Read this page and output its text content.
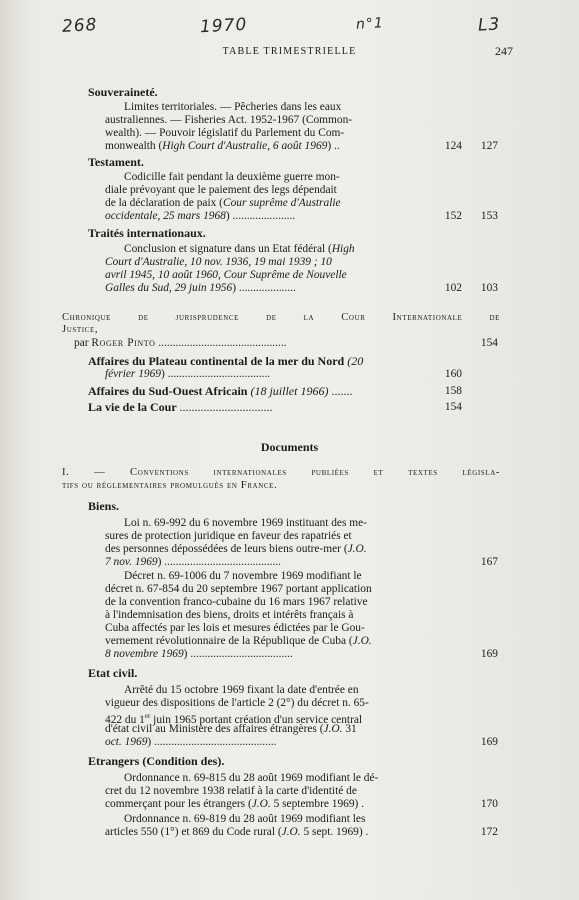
268	1970	n°1	L3
TABLE TRIMESTRIELLE	247
Souveraineté.
Limites territoriales. — Pêcheries dans les eaux
australiennes. — Fisheries Act. 1952-1967 (Common-
wealth). — Pouvoir législatif du Parlement du Com-
monwealth (High Court d'Australie, 6 août 1969) ..	124	127
Testament.
Codicille fait pendant la deuxième guerre mon-
diale prévoyant que le paiement des legs dépendait
de la déclaration de paix (Cour suprême d'Australie
occidentale, 25 mars 1968) ......................	152	153
Traités internationaux.
Conclusion et signature dans un Etat fédéral (High
Court d'Australie, 10 nov. 1936, 19 mai 1939 ; 10
avril 1945, 10 août 1960, Cour Suprême de Nouvelle
Galles du Sud, 29 juin 1956) ....................	102	103
Chronique de jurisprudence de la Cour Internationale de
Justice,
par Roger Pinto .............................................	154
Affaires du Plateau continental de la mer du Nord (20
février 1969) ....................................	160
Affaires du Sud-Ouest Africain (18 juillet 1966) .......	158
La vie de la Cour ...............................	154
Documents
I. — Conventions internationales publiées et textes législa-
tifs ou réglementaires promulgués en France.
Biens.
Loi n. 69-992 du 6 novembre 1969 instituant des me-
sures de protection juridique en faveur des rapatriés et
des personnes dépossédées de leurs biens outre-mer (J.O.
7 nov. 1969) .........................................	167
Décret n. 69-1006 du 7 novembre 1969 modifiant le
décret n. 67-854 du 20 septembre 1967 portant application
de la convention franco-cubaine du 16 mars 1967 relative
à l'indemnisation des biens, droits et intérêts français à
Cuba affectés par les lois et mesures édictées par le Gou-
vernement révolutionnaire de la République de Cuba (J.O.
8 novembre 1969) ....................................	169
Etat civil.
Arrêté du 15 octobre 1969 fixant la date d'entrée en
vigueur des dispositions de l'article 2 (2°) du décret n. 65-
422 du 1er juin 1965 portant création d'un service central
d'état civil au Ministère des affaires étrangères (J.O. 31
oct. 1969) ...........................................	169
Etrangers (Condition des).
Ordonnance n. 69-815 du 28 août 1969 modifiant le dé-
cret du 12 novembre 1938 relatif à la carte d'identité de
commerçant pour les étrangers (J.O. 5 septembre 1969) .	170
Ordonnance n. 69-819 du 28 août 1969 modifiant les
articles 550 (1°) et 869 du Code rural (J.O. 5 sept. 1969) .	172
